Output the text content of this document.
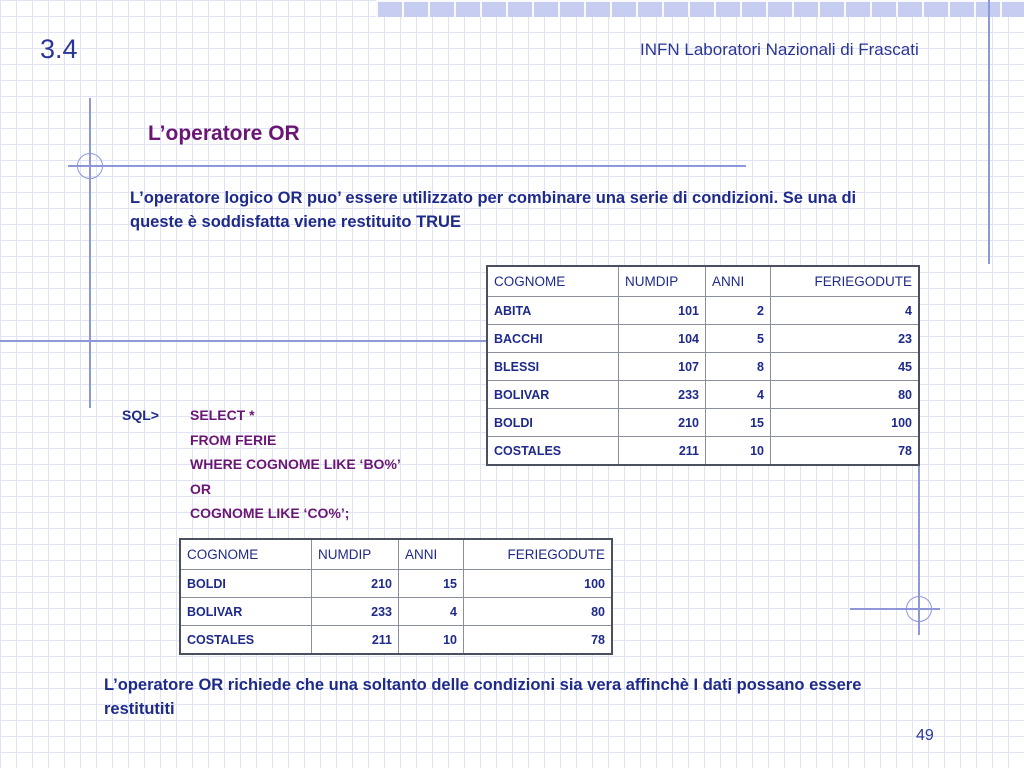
3.4	INFN Laboratori Nazionali di Frascati
L’operatore OR
L’operatore logico OR puo’ essere utilizzato per combinare una serie di condizioni. Se una di queste è soddisfatta viene restituito TRUE
COGNOME	NUMDIP	ANNI	FERIEGODUTE
ABITA	101	2	4
BACCHI	104	5	23
BLESSI	107	8	45
BOLIVAR	233	4	80
BOLDI	210	15	100
COSTALES	211	10	78
SQL> SELECT *
FROM FERIE
WHERE COGNOME LIKE ‘BO%’
OR
COGNOME LIKE ‘CO%’;
COGNOME	NUMDIP	ANNI	FERIEGODUTE
BOLDI	210	15	100
BOLIVAR	233	4	80
COSTALES	211	10	78
L’operatore OR richiede che una soltanto delle condizioni sia vera affinchè I dati possano essere restitutiti
49
